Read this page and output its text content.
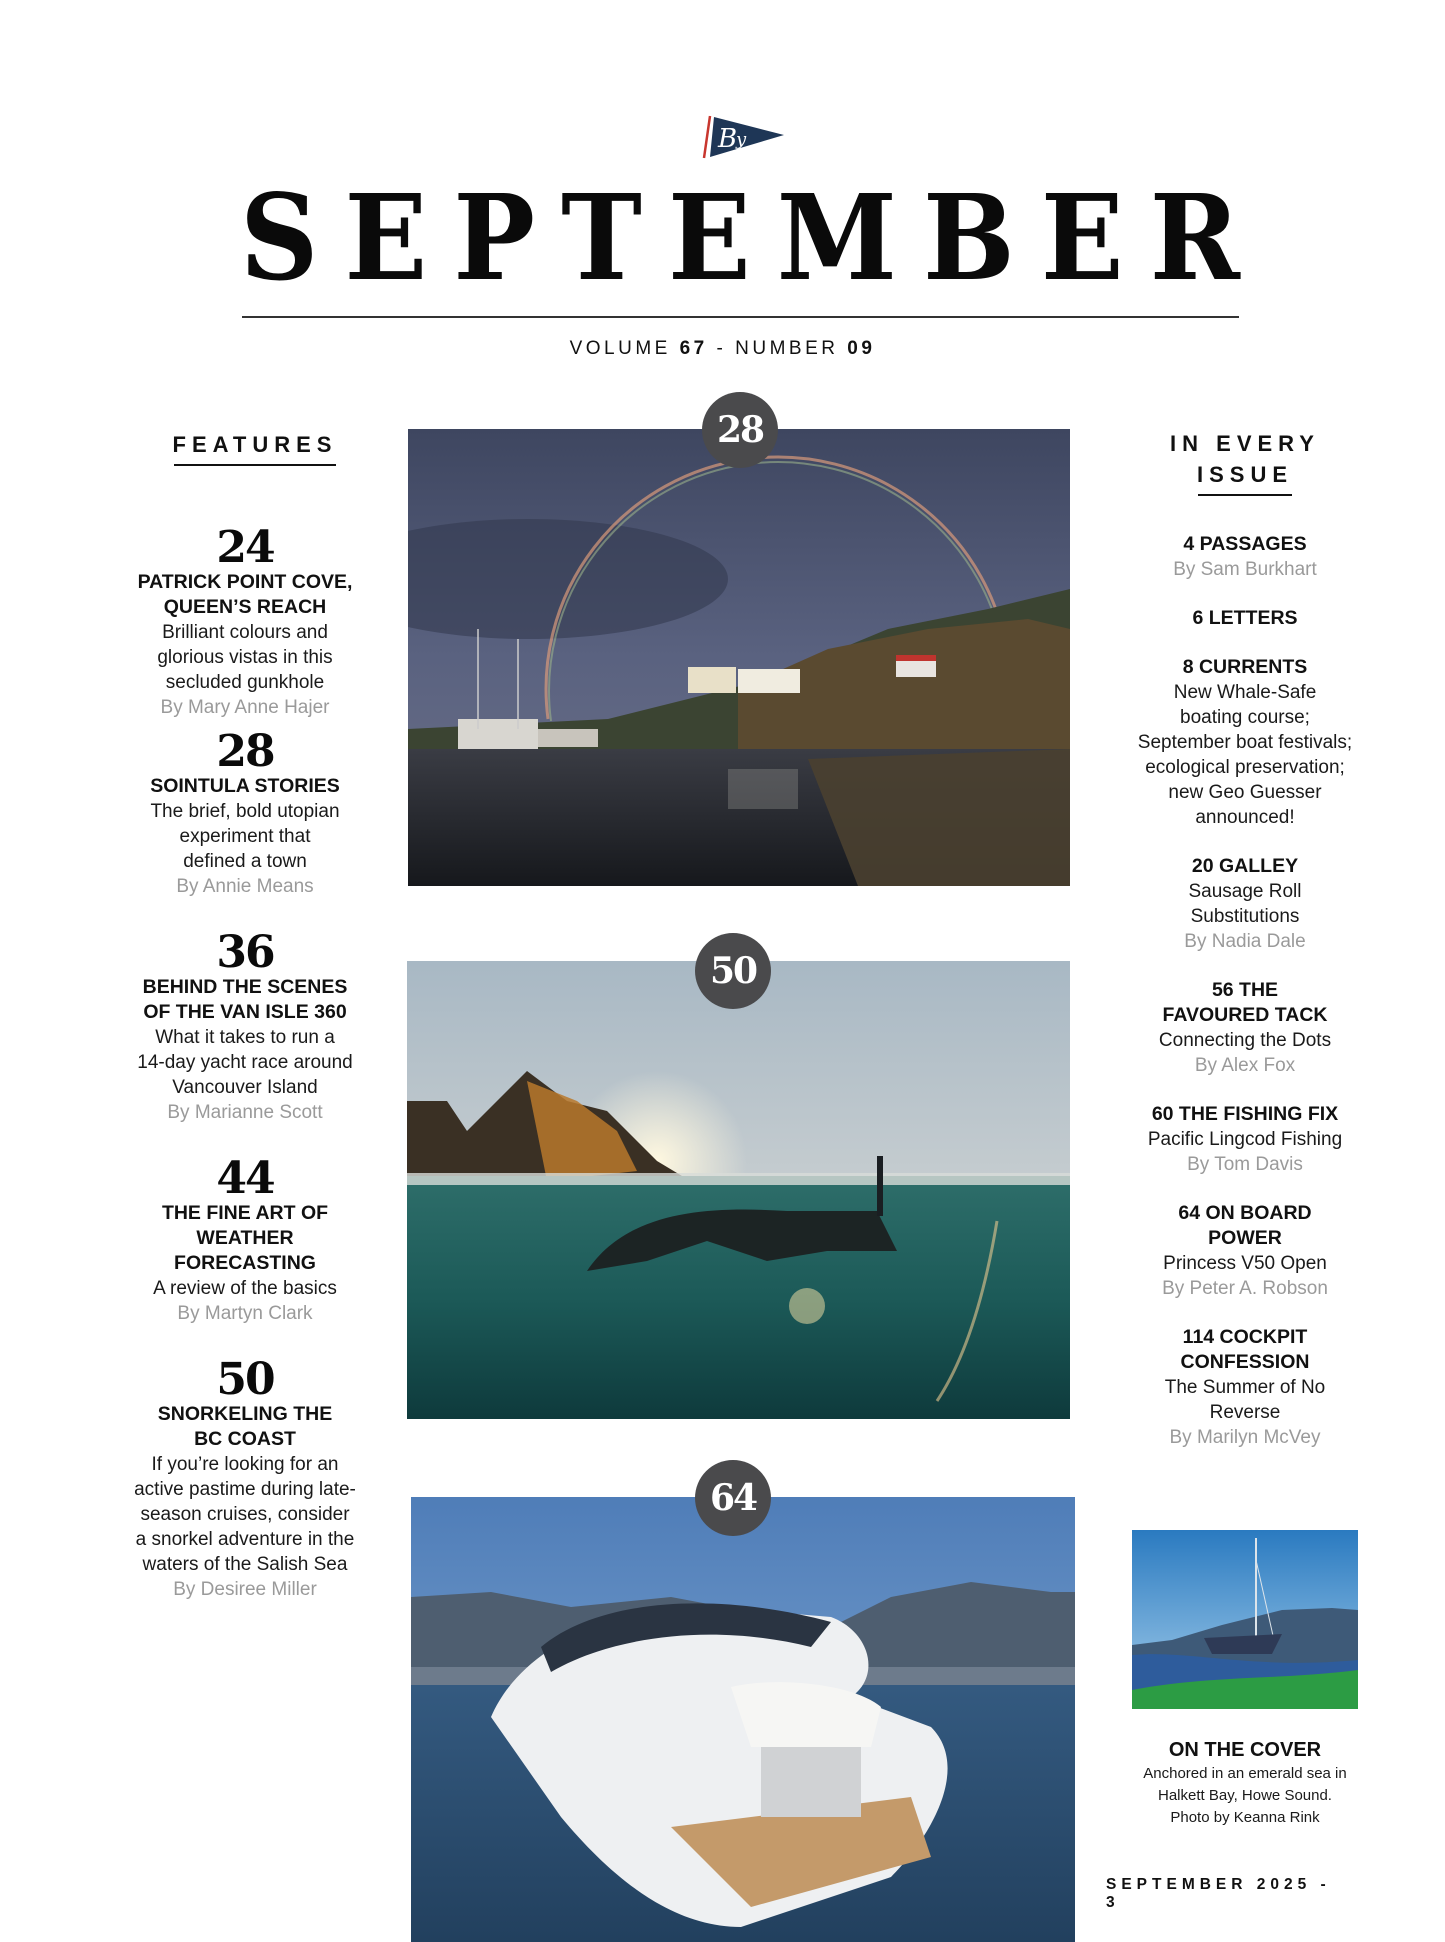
B
y
S E P T E M B E R
VOLUME 67 - NUMBER 09
FEATURES
24
PATRICK POINT COVE,
QUEEN’S REACH
Brilliant colours and
glorious vistas in this
secluded gunkhole
By Mary Anne Hajer
28
SOINTULA STORIES
The brief, bold utopian
experiment that
defined a town
By Annie Means
36
BEHIND THE SCENES
OF THE VAN ISLE 360
What it takes to run a
14-day yacht race around
Vancouver Island
By Marianne Scott
44
THE FINE ART OF
WEATHER
FORECASTING
A review of the basics
By Martyn Clark
50
SNORKELING THE
BC COAST
If you’re looking for an
active pastime during late-
season cruises, consider
a snorkel adventure in the
waters of the Salish Sea
By Desiree Miller
28
50
64
IN EVERY
ISSUE
4 PASSAGES
By Sam Burkhart
6 LETTERS
8 CURRENTS
New Whale-Safe
boating course;
September boat festivals;
ecological preservation;
new Geo Guesser
announced!
20 GALLEY
Sausage Roll
Substitutions
By Nadia Dale
56 THE
FAVOURED TACK
Connecting the Dots
By Alex Fox
60 THE FISHING FIX
Pacific Lingcod Fishing
By Tom Davis
64 ON BOARD
POWER
Princess V50 Open
By Peter A. Robson
114 COCKPIT
CONFESSION
The Summer of No
Reverse
By Marilyn McVey
ON THE COVER
Anchored in an emerald sea in
Halkett Bay, Howe Sound.
Photo by Keanna Rink
SEPTEMBER 2025 - 3
